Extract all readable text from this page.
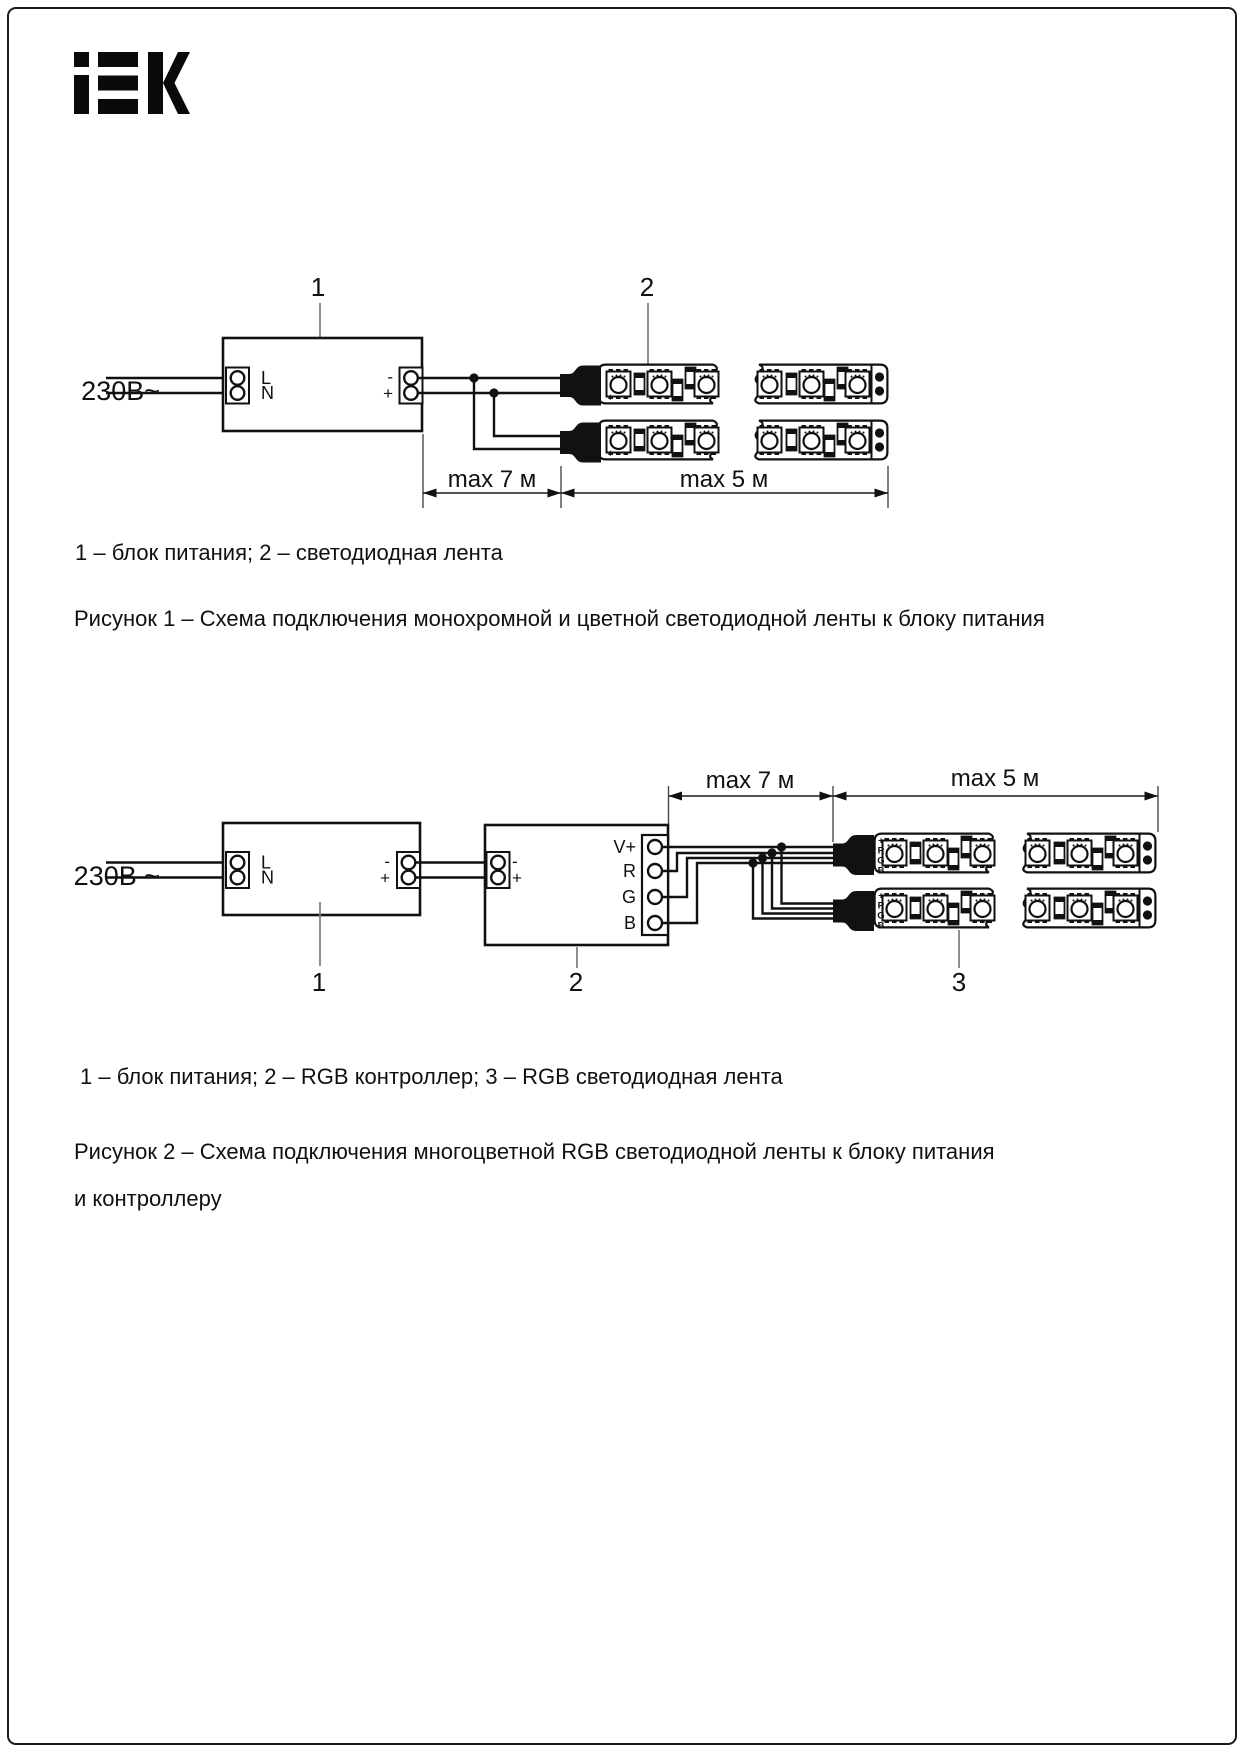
1	2
230В~	L
N
-
+	+
+
max 7 м	max 5 м
1 – блок питания; 2 – светодиодная лента
Рисунок 1 – Схема подключения монохромной и цветной светодиодной ленты к блоку питания
max 7 м	max 5 м
230В ~	L
N
-
+
1
-
+
V+
R
G
B
2
+
R
G
B
+
R
G
B
3
1 – блок питания; 2 – RGB контроллер; 3 – RGB светодиодная лента
Рисунок 2 – Схема подключения многоцветной RGB светодиодной ленты к блоку питания
и контроллеру
